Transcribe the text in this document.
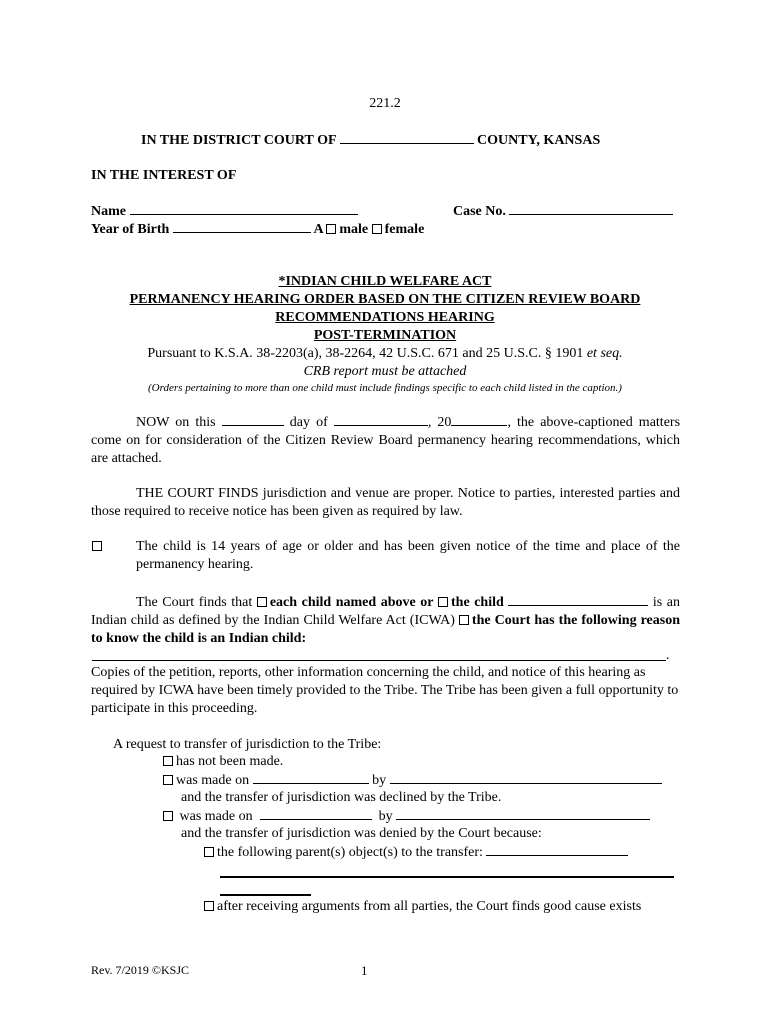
221.2
IN THE DISTRICT COURT OF	COUNTY, KANSAS
IN THE INTEREST OF
Name	Case No.
Year of Birth	A male female
*INDIAN CHILD WELFARE ACT
PERMANENCY HEARING ORDER BASED ON THE CITIZEN REVIEW BOARD
RECOMMENDATIONS HEARING
POST-TERMINATION
Pursuant to K.S.A. 38-2203(a), 38-2264, 42 U.S.C. 671 and 25 U.S.C. § 1901 et seq.
CRB report must be attached
(Orders pertaining to more than one child must include findings specific to each child listed in the caption.)
NOW on this	day of	, 20	, the above-captioned matters come on for consideration of the Citizen Review Board permanency hearing recommendations, which are attached.
THE COURT FINDS jurisdiction and venue are proper. Notice to parties, interested parties and those required to receive notice has been given as required by law.
The child is 14 years of age or older and has been given notice of the time and place of the permanency hearing.
The Court finds that each child named above or the child	is an Indian child as defined by the Indian Child Welfare Act (ICWA) the Court has the following reason to know the child is an Indian child:
.
Copies of the petition, reports, other information concerning the child, and notice of this hearing as required by ICWA have been timely provided to the Tribe. The Tribe has been given a full opportunity to participate in this proceeding.
A request to transfer of jurisdiction to the Tribe:
has not been made.
was made on	by
and the transfer of jurisdiction was declined by the Tribe.
was made on	by
and the transfer of jurisdiction was denied by the Court because:
the following parent(s) object(s) to the transfer:
after receiving arguments from all parties, the Court finds good cause exists
Rev. 7/2019 ©KSJC	1
